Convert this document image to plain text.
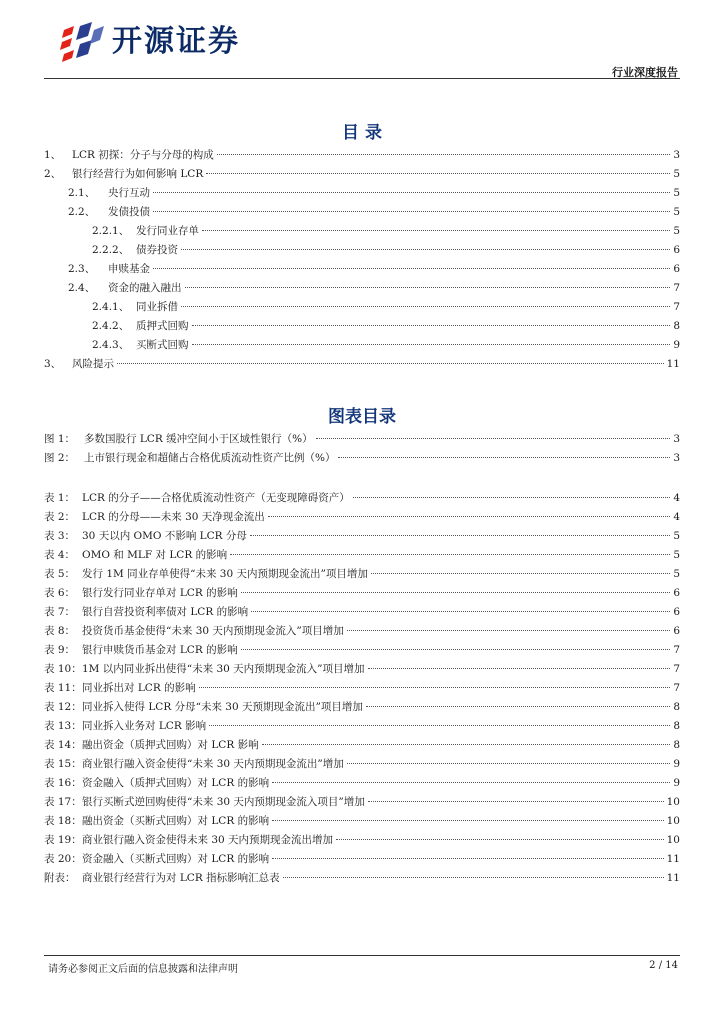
开源证券
行业深度报告
目 录
1、	LCR 初探：分子与分母的构成	3
2、	银行经营行为如何影响 LCR	5
2.1、	央行互动	5
2.2、	发债投债	5
2.2.1、 发行同业存单	5
2.2.2、 债券投资	6
2.3、	申赎基金	6
2.4、	资金的融入融出	7
2.4.1、 同业拆借	7
2.4.2、 质押式回购	8
2.4.3、 买断式回购	9
3、	风险提示	11
图表目录
图 1： 多数国股行 LCR 缓冲空间小于区域性银行（%）	3
图 2： 上市银行现金和超储占合格优质流动性资产比例（%）	3
表 1： LCR 的分子——合格优质流动性资产（无变现障碍资产）	4
表 2： LCR 的分母——未来 30 天净现金流出	4
表 3： 30 天以内 OMO 不影响 LCR 分母	5
表 4： OMO 和 MLF 对 LCR 的影响	5
表 5： 发行 1M 同业存单使得“未来 30 天内预期现金流出”项目增加	5
表 6： 银行发行同业存单对 LCR 的影响	6
表 7： 银行自营投资利率债对 LCR 的影响	6
表 8： 投资货币基金使得“未来 30 天内预期现金流入”项目增加	6
表 9： 银行申赎货币基金对 LCR 的影响	7
表 10： 1M 以内同业拆出使得“未来 30 天内预期现金流入”项目增加	7
表 11： 同业拆出对 LCR 的影响	7
表 12： 同业拆入使得 LCR 分母“未来 30 天预期现金流出”项目增加	8
表 13： 同业拆入业务对 LCR 影响	8
表 14： 融出资金（质押式回购）对 LCR 影响	8
表 15： 商业银行融入资金使得“未来 30 天内预期现金流出”增加	9
表 16： 资金融入（质押式回购）对 LCR 的影响	9
表 17： 银行买断式逆回购使得“未来 30 天内预期现金流入项目”增加	10
表 18： 融出资金（买断式回购）对 LCR 的影响	10
表 19： 商业银行融入资金使得未来 30 天内预期现金流出增加	10
表 20： 资金融入（买断式回购）对 LCR 的影响	11
附表： 商业银行经营行为对 LCR 指标影响汇总表	11
请务必参阅正文后面的信息披露和法律声明	2 / 14
